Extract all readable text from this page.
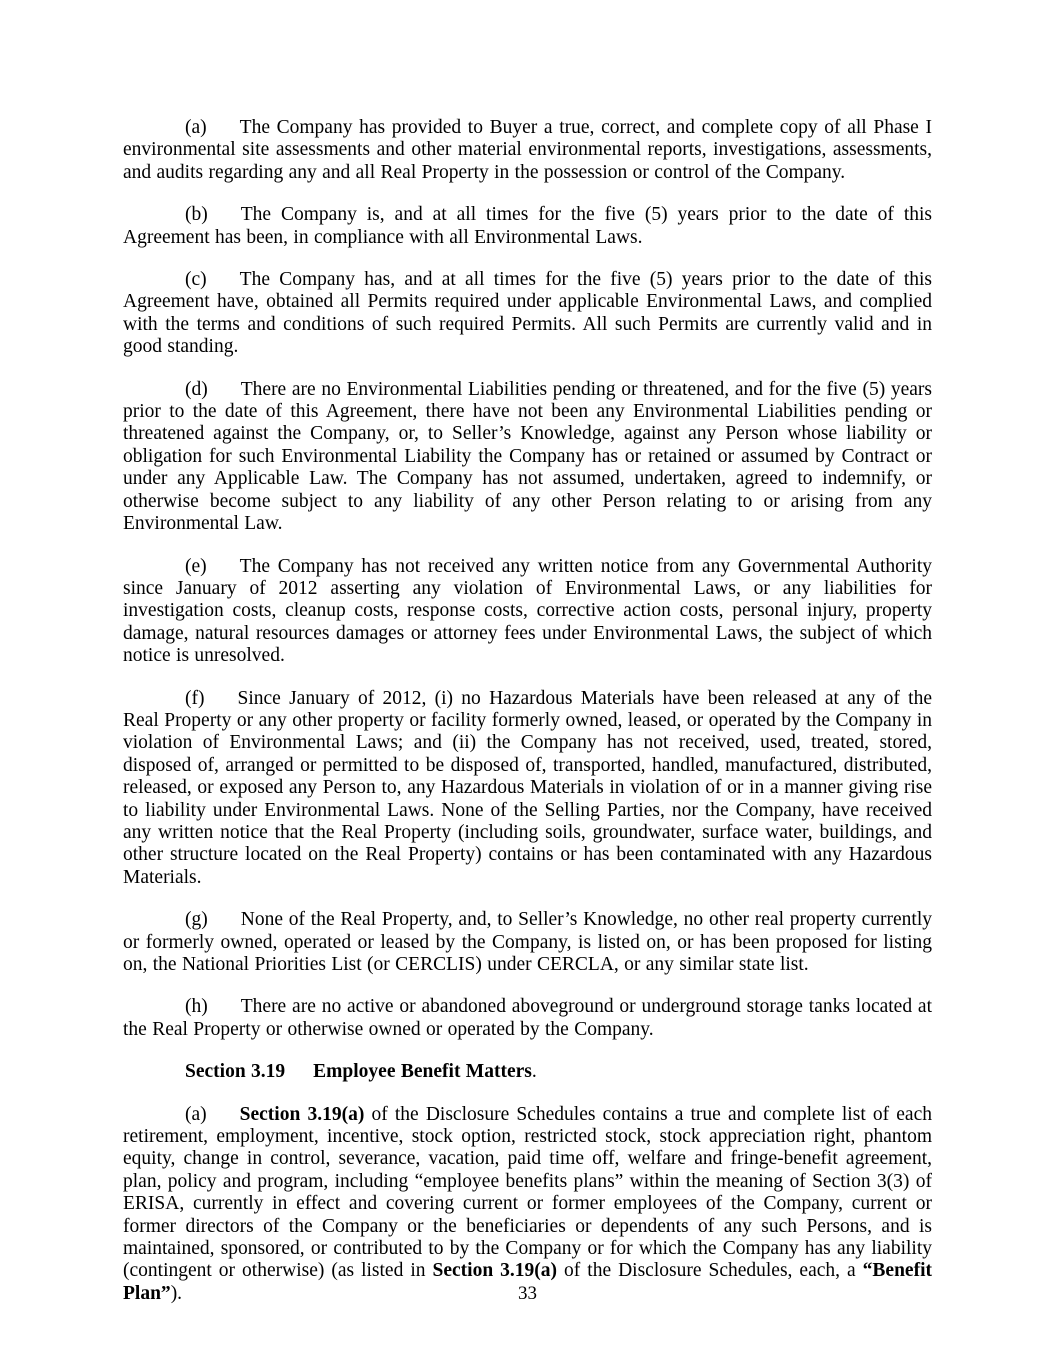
(a) The Company has provided to Buyer a true, correct, and complete copy of all Phase I environmental site assessments and other material environmental reports, investigations, assessments, and audits regarding any and all Real Property in the possession or control of the Company.

(b) The Company is, and at all times for the five (5) years prior to the date of this Agreement has been, in compliance with all Environmental Laws.

(c) The Company has, and at all times for the five (5) years prior to the date of this Agreement have, obtained all Permits required under applicable Environmental Laws, and complied with the terms and conditions of such required Permits. All such Permits are currently valid and in good standing.

(d) There are no Environmental Liabilities pending or threatened, and for the five (5) years prior to the date of this Agreement, there have not been any Environmental Liabilities pending or threatened against the Company, or, to Seller’s Knowledge, against any Person whose liability or obligation for such Environmental Liability the Company has or retained or assumed by Contract or under any Applicable Law. The Company has not assumed, undertaken, agreed to indemnify, or otherwise become subject to any liability of any other Person relating to or arising from any Environmental Law.

(e) The Company has not received any written notice from any Governmental Authority since January of 2012 asserting any violation of Environmental Laws, or any liabilities for investigation costs, cleanup costs, response costs, corrective action costs, personal injury, property damage, natural resources damages or attorney fees under Environmental Laws, the subject of which notice is unresolved.

(f) Since January of 2012, (i) no Hazardous Materials have been released at any of the Real Property or any other property or facility formerly owned, leased, or operated by the Company in violation of Environmental Laws; and (ii) the Company has not received, used, treated, stored, disposed of, arranged or permitted to be disposed of, transported, handled, manufactured, distributed, released, or exposed any Person to, any Hazardous Materials in violation of or in a manner giving rise to liability under Environmental Laws. None of the Selling Parties, nor the Company, have received any written notice that the Real Property (including soils, groundwater, surface water, buildings, and other structure located on the Real Property) contains or has been contaminated with any Hazardous Materials.

(g) None of the Real Property, and, to Seller’s Knowledge, no other real property currently or formerly owned, operated or leased by the Company, is listed on, or has been proposed for listing on, the National Priorities List (or CERCLIS) under CERCLA, or any similar state list.

(h) There are no active or abandoned aboveground or underground storage tanks located at the Real Property or otherwise owned or operated by the Company.

Section 3.19 Employee Benefit Matters.

(a) Section 3.19(a) of the Disclosure Schedules contains a true and complete list of each retirement, employment, incentive, stock option, restricted stock, stock appreciation right, phantom equity, change in control, severance, vacation, paid time off, welfare and fringe-benefit agreement, plan, policy and program, including “employee benefits plans” within the meaning of Section 3(3) of ERISA, currently in effect and covering current or former employees of the Company, current or former directors of the Company or the beneficiaries or dependents of any such Persons, and is maintained, sponsored, or contributed to by the Company or for which the Company has any liability (contingent or otherwise) (as listed in Section 3.19(a) of the Disclosure Schedules, each, a “Benefit Plan”).	33
